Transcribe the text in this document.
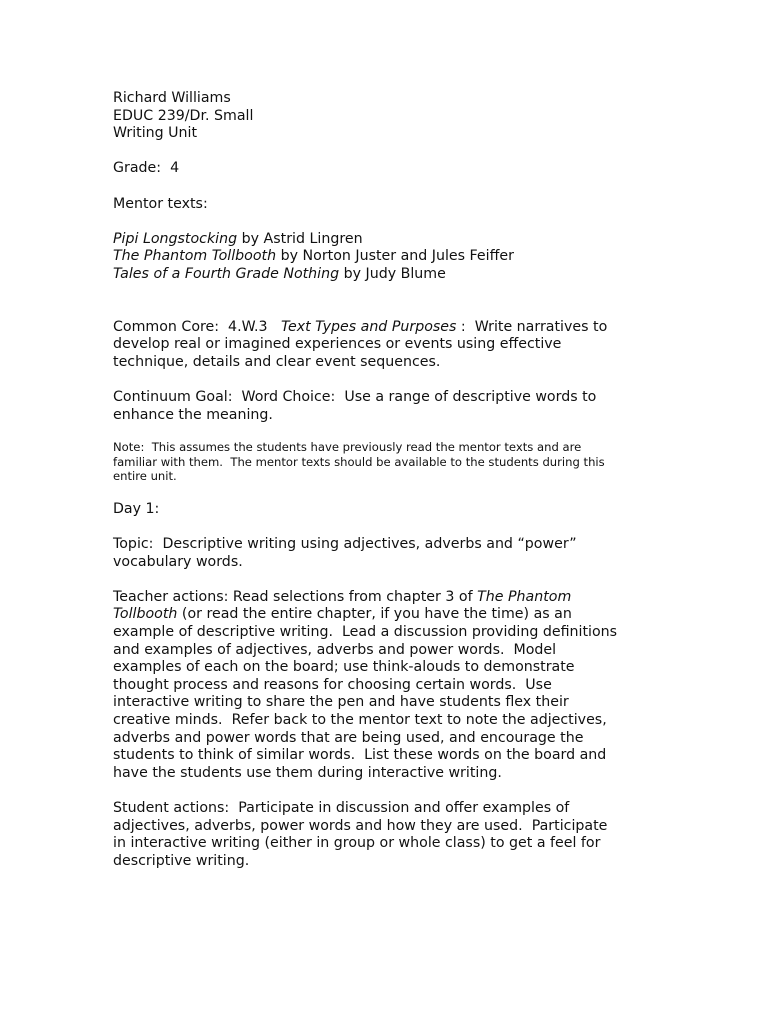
Richard Williams

EDUC 239/Dr. Small

Writing Unit

Grade: 4

Mentor texts:

Pipi Longstocking by Astrid Lingren

The Phantom Tollbooth by Norton Juster and Jules Feiffer

Tales of a Fourth Grade Nothing by Judy Blume

Common Core:  4.W.3   Text Types and Purposes :  Write narratives to

develop real or imagined experiences or events using effective

technique, details and clear event sequences.

Continuum Goal:  Word Choice:  Use a range of descriptive words to

enhance the meaning.

Note:  This assumes the students have previously read the mentor texts and are

familiar with them.  The mentor texts should be available to the students during this

entire unit.

Day 1:

Topic:  Descriptive writing using adjectives, adverbs and “power”

vocabulary words.

Teacher actions: Read selections from chapter 3 of The Phantom

Tollbooth (or read the entire chapter, if you have the time) as an

example of descriptive writing.  Lead a discussion providing definitions

and examples of adjectives, adverbs and power words.  Model

examples of each on the board; use think-alouds to demonstrate

thought process and reasons for choosing certain words.  Use

interactive writing to share the pen and have students flex their

creative minds.  Refer back to the mentor text to note the adjectives,

adverbs and power words that are being used, and encourage the

students to think of similar words.  List these words on the board and

have the students use them during interactive writing.

Student actions:  Participate in discussion and offer examples of

adjectives, adverbs, power words and how they are used.  Participate

in interactive writing (either in group or whole class) to get a feel for

descriptive writing.
